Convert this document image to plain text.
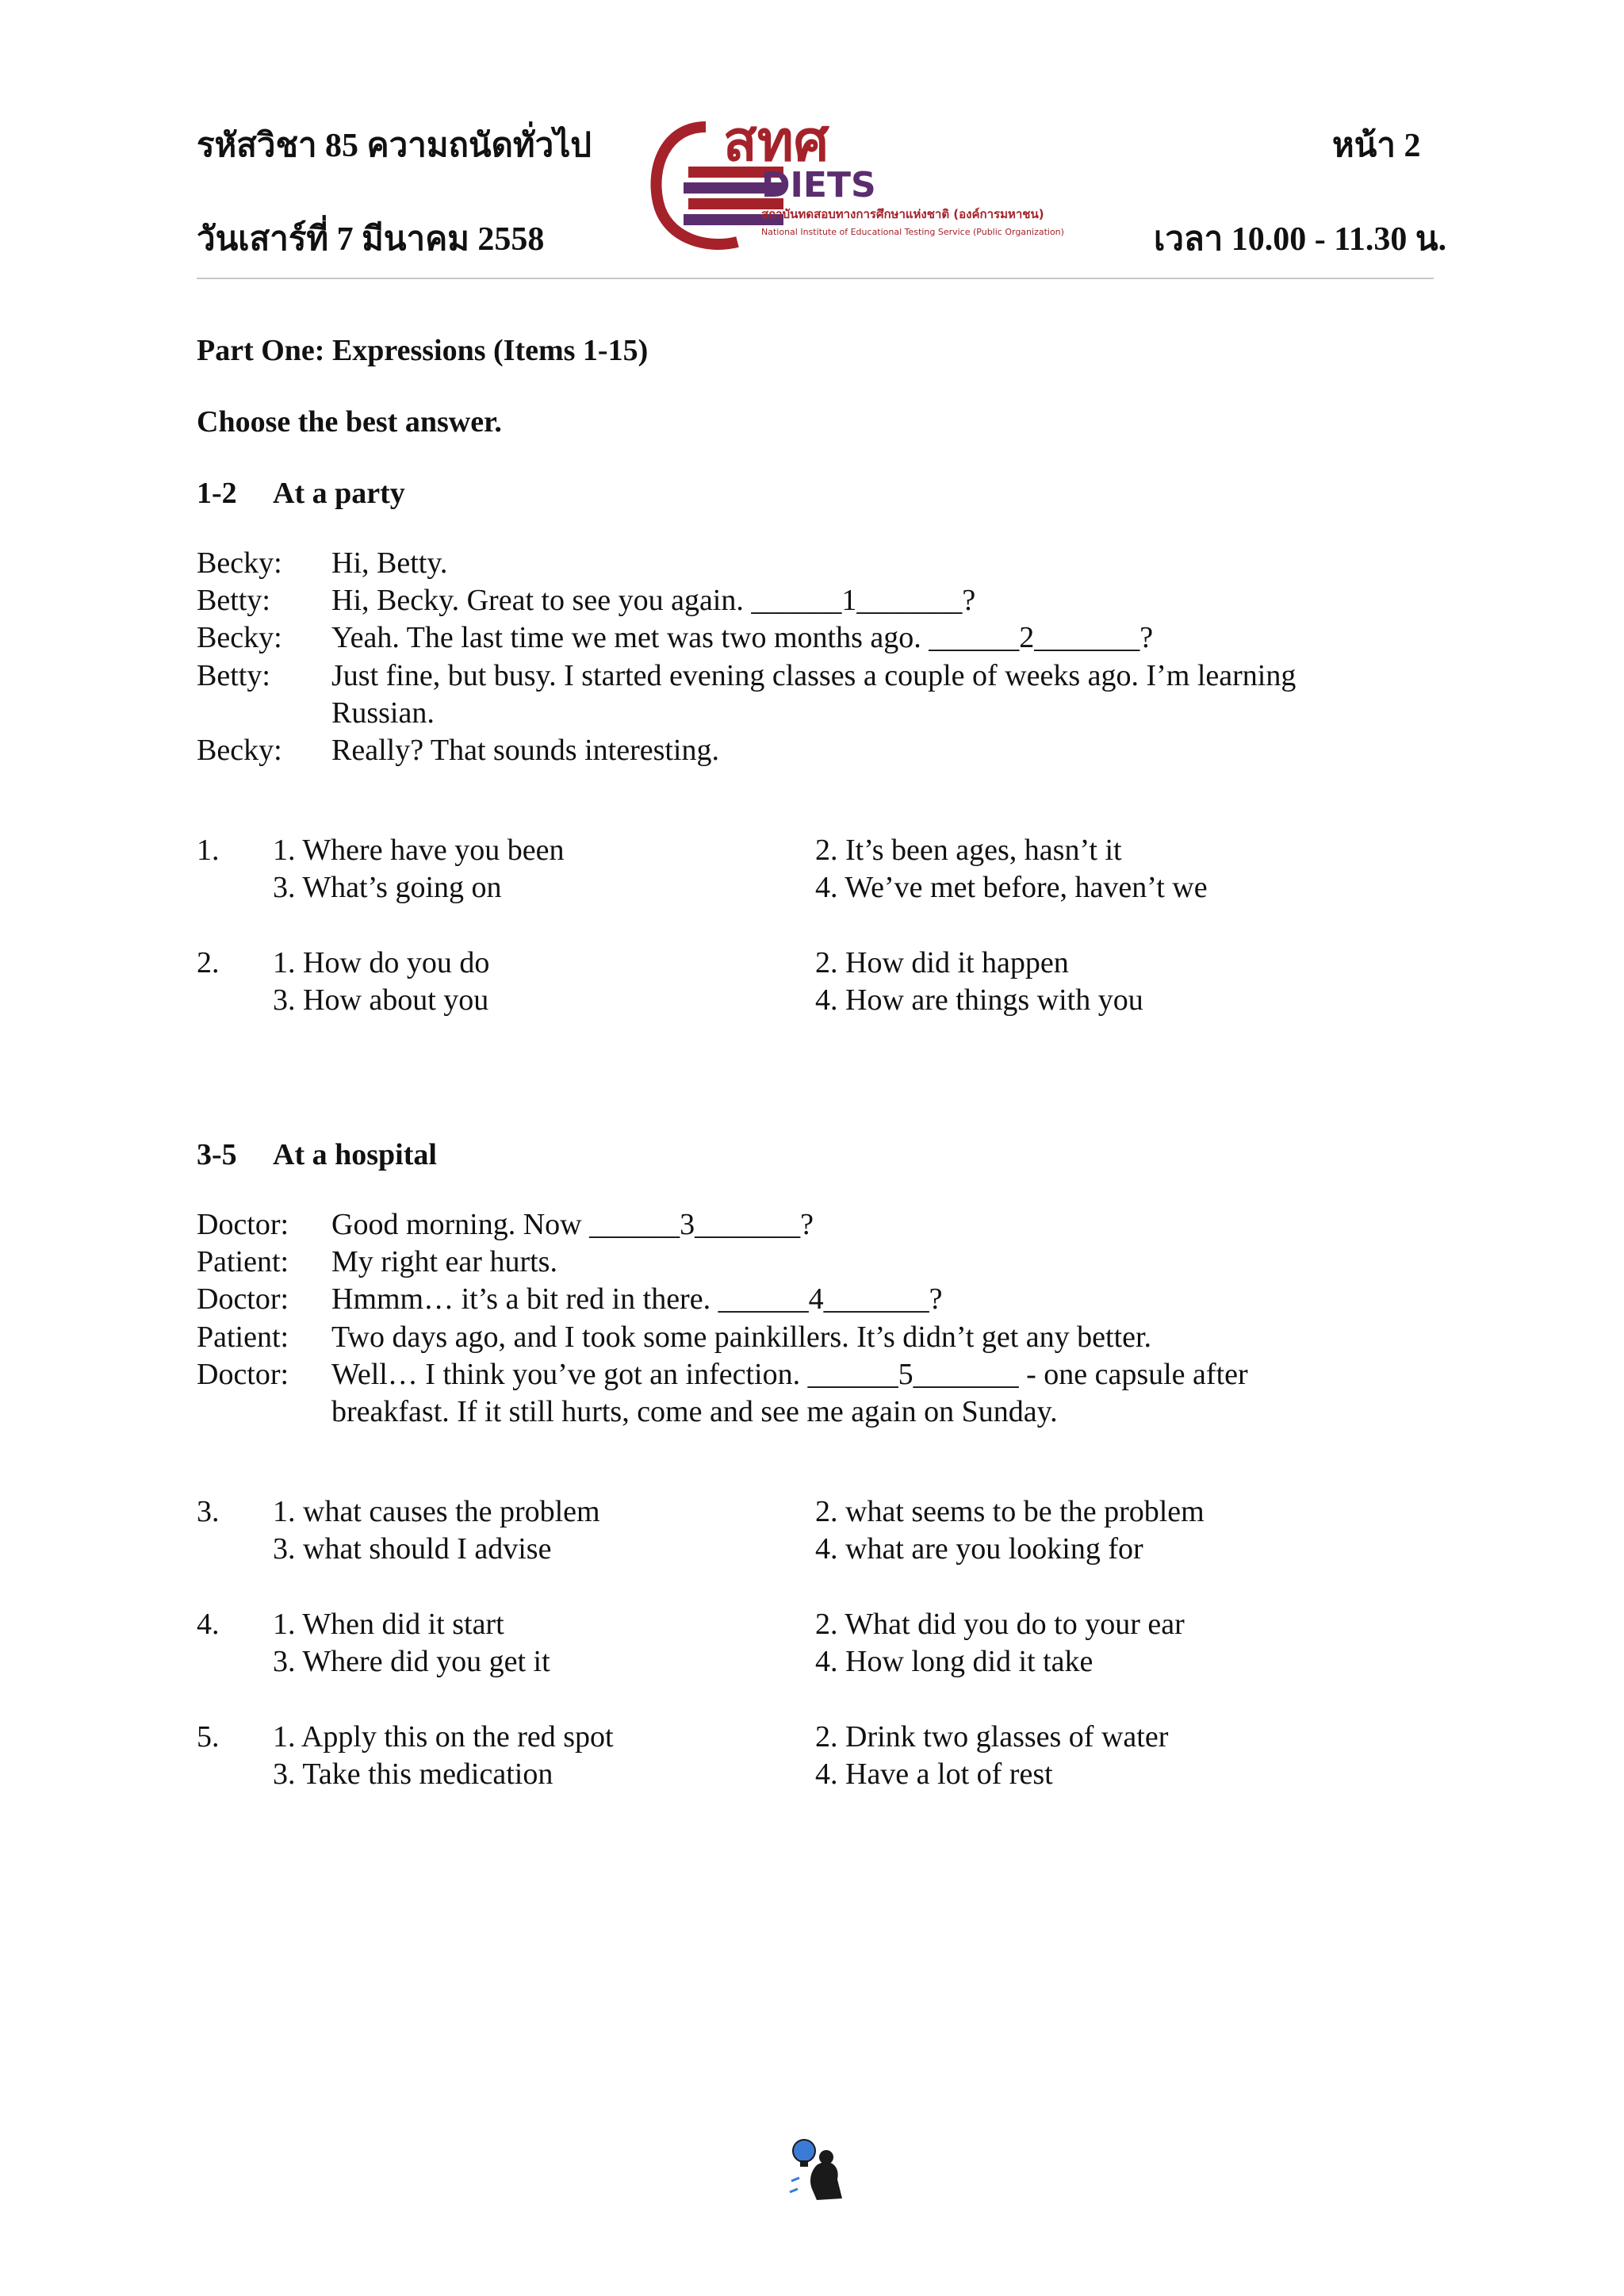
รหัสวิชา 85 ความถนัดทั่วไป	หน้า 2
วันเสาร์ที่ 7 มีนาคม 2558	เวลา 10.00 - 11.30 น.
สทศ
DIETS
สถาบันทดสอบทางการศึกษาแห่งชาติ (องค์การมหาชน)
National Institute of Educational Testing Service (Public Organization)
Part One: Expressions (Items 1-15)
Choose the best answer.
1-2 At a party
Becky: Hi, Betty.
Betty: Hi, Becky. Great to see you again. ______1_______?
Becky: Yeah. The last time we met was two months ago. ______2_______?
Betty: Just fine, but busy. I started evening classes a couple of weeks ago. I’m learning
Russian.
Becky: Really? That sounds interesting.
1. 1. Where have you been	2. It’s been ages, hasn’t it
3. What’s going on	4. We’ve met before, haven’t we
2. 1. How do you do	2. How did it happen
3. How about you	4. How are things with you
3-5 At a hospital
Doctor: Good morning. Now ______3_______?
Patient: My right ear hurts.
Doctor: Hmmm… it’s a bit red in there. ______4_______?
Patient: Two days ago, and I took some painkillers. It’s didn’t get any better.
Doctor: Well… I think you’ve got an infection. ______5_______ - one capsule after
breakfast. If it still hurts, come and see me again on Sunday.
3. 1. what causes the problem	2. what seems to be the problem
3. what should I advise	4. what are you looking for
4. 1. When did it start	2. What did you do to your ear
3. Where did you get it	4. How long did it take
5. 1. Apply this on the red spot	2. Drink two glasses of water
3. Take this medication	4. Have a lot of rest
